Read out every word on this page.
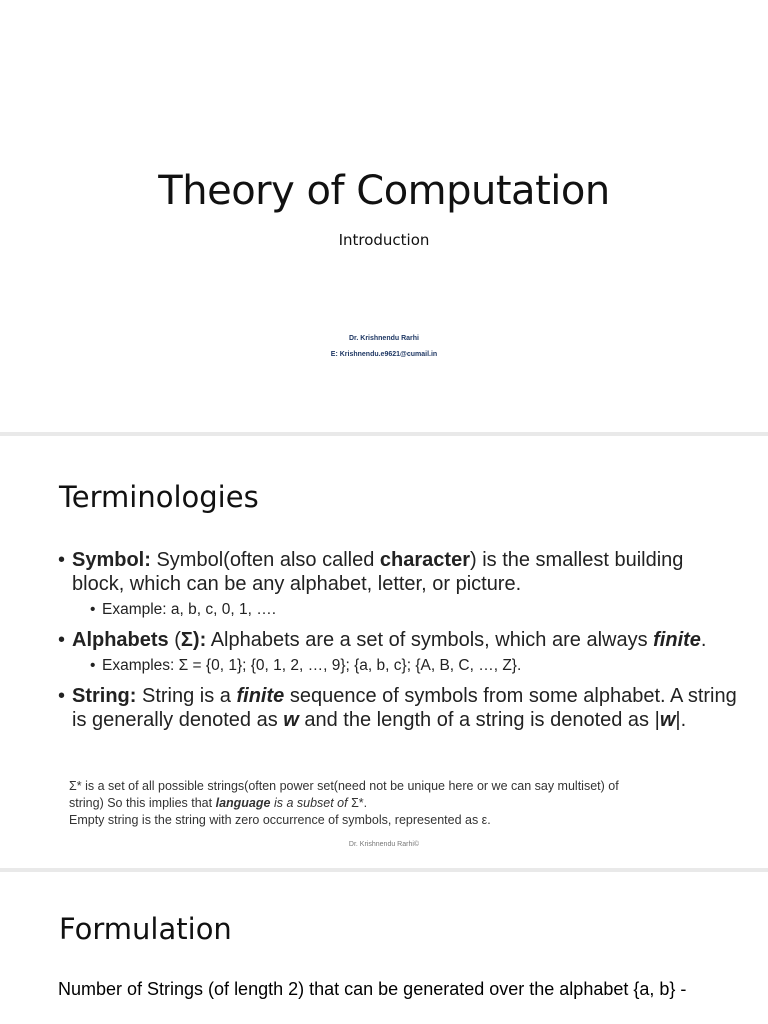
Theory of Computation
Introduction
Dr. Krishnendu Rarhi
E: Krishnendu.e9621@cumail.in
Terminologies
• Symbol: Symbol(often also called character) is the smallest building block, which can be any alphabet, letter, or picture.
• Example: a, b, c, 0, 1, ….
• Alphabets (Σ): Alphabets are a set of symbols, which are always finite.
• Examples: Σ = {0, 1}; {0, 1, 2, …, 9}; {a, b, c}; {A, B, C, …, Z}.
• String: String is a finite sequence of symbols from some alphabet. A string is generally denoted as w and the length of a string is denoted as |w|.
Σ* is a set of all possible strings(often power set(need not be unique here or we can say multiset) of
string) So this implies that language is a subset of Σ*.
Empty string is the string with zero occurrence of symbols, represented as ε.
Dr. Krishnendu Rarhi©
Formulation
Number of Strings (of length 2) that can be generated over the alphabet {a, b} -
